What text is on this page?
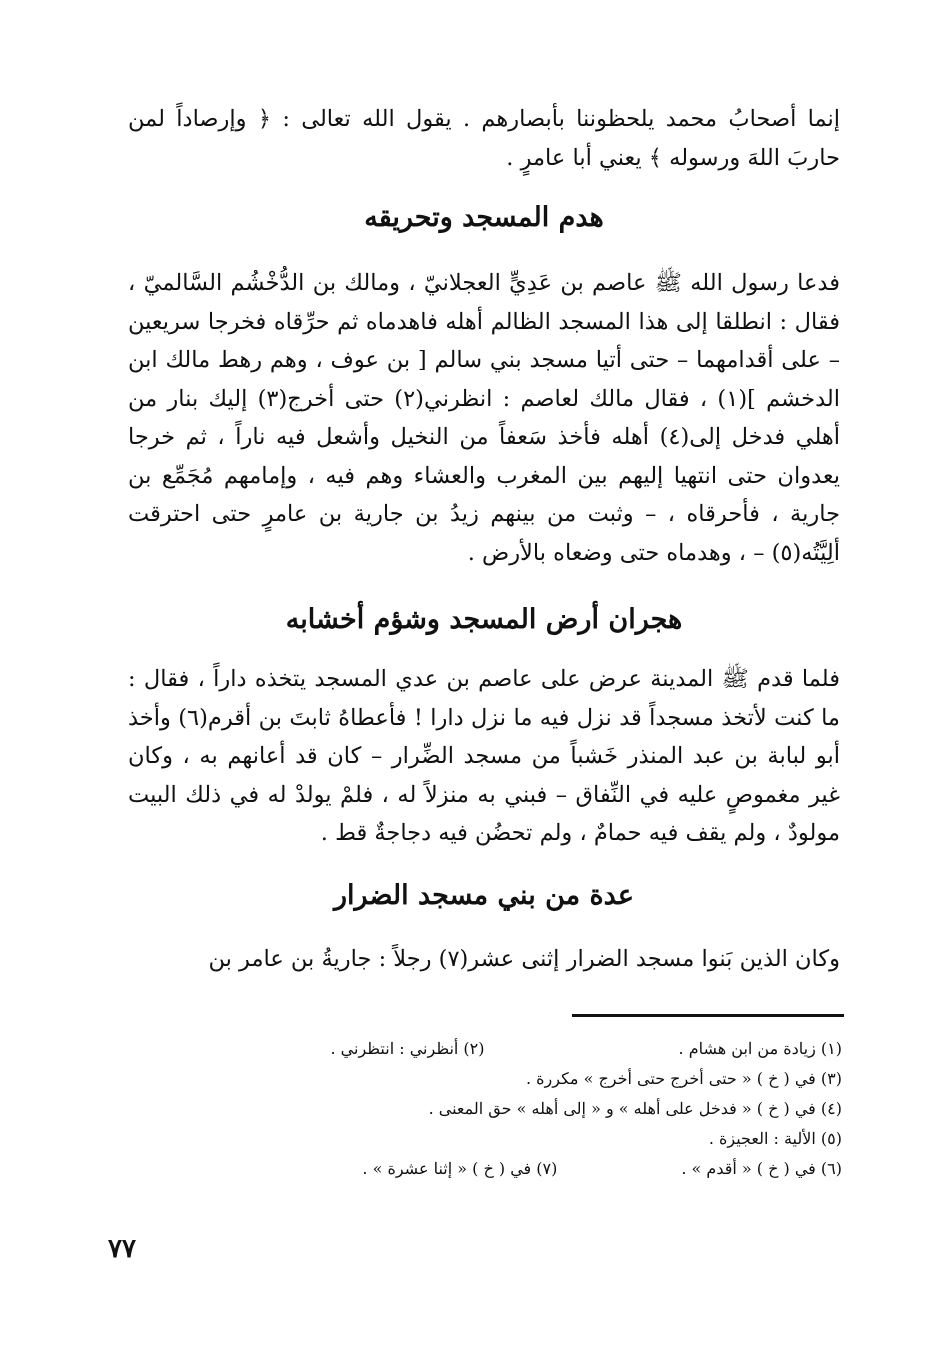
إنما أصحابُ محمد يلحظوننا بأبصارهم . يقول الله تعالى : ﴿ وإرصاداً لمن حاربَ اللهَ ورسوله ﴾ يعني أبا عامرٍ .

هدم المسجد وتحريقه

فدعا رسول الله ﷺ عاصم بن عَدِيٍّ العجلانيّ ، ومالك بن الدُّخْشُم السَّالميّ ، فقال : انطلقا إلى هذا المسجد الظالم أهله فاهدماه ثم حرِّقاه فخرجا سريعين – على أقدامهما – حتى أتيا مسجد بني سالم [ بن عوف ، وهم رهط مالك ابن الدخشم ](١) ، فقال مالك لعاصم : انظرني(٢) حتى أخرج(٣) إليك بنار من أهلي فدخل إلى(٤) أهله فأخذ سَعفاً من النخيل وأشعل فيه ناراً ، ثم خرجا يعدوان حتى انتهيا إليهم بين المغرب والعشاء وهم فيه ، وإمامهم مُجَمِّع بن جارية ، فأحرقاه ، – وثبت من بينهم زيدُ بن جارية بن عامرٍ حتى احترقت ألِيَّتُه(٥) – ، وهدماه حتى وضعاه بالأرض .

هجران أرض المسجد وشؤم أخشابه

فلما قدم ﷺ المدينة عرض على عاصم بن عدي المسجد يتخذه داراً ، فقال : ما كنت لأتخذ مسجداً قد نزل فيه ما نزل دارا ! فأعطاهُ ثابتَ بن أقرم(٦) وأخذ أبو لبابة بن عبد المنذر خَشباً من مسجد الضِّرار – كان قد أعانهم به ، وكان غير مغموصٍ عليه في النِّفاق – فبني به منزلاً له ، فلمْ يولدْ له في ذلك البيت مولودٌ ، ولم يقف فيه حمامٌ ، ولم تحضُن فيه دجاجةٌ قط .

عدة من بني مسجد الضرار

وكان الذين بَنوا مسجد الضرار إثنى عشر(٧) رجلاً : جاريةُ بن عامر بن

(١) زيادة من ابن هشام .
(٢) أنظرني : انتظرني .
(٣) في ( خ ) « حتى أخرج حتى أخرج » مكررة .
(٤) في ( خ ) « فدخل على أهله » و « إلى أهله » حق المعنى .
(٥) الألية : العجيزة .
(٦) في ( خ ) « أقدم » .
(٧) في ( خ ) « إثنا عشرة » .
٧٧
